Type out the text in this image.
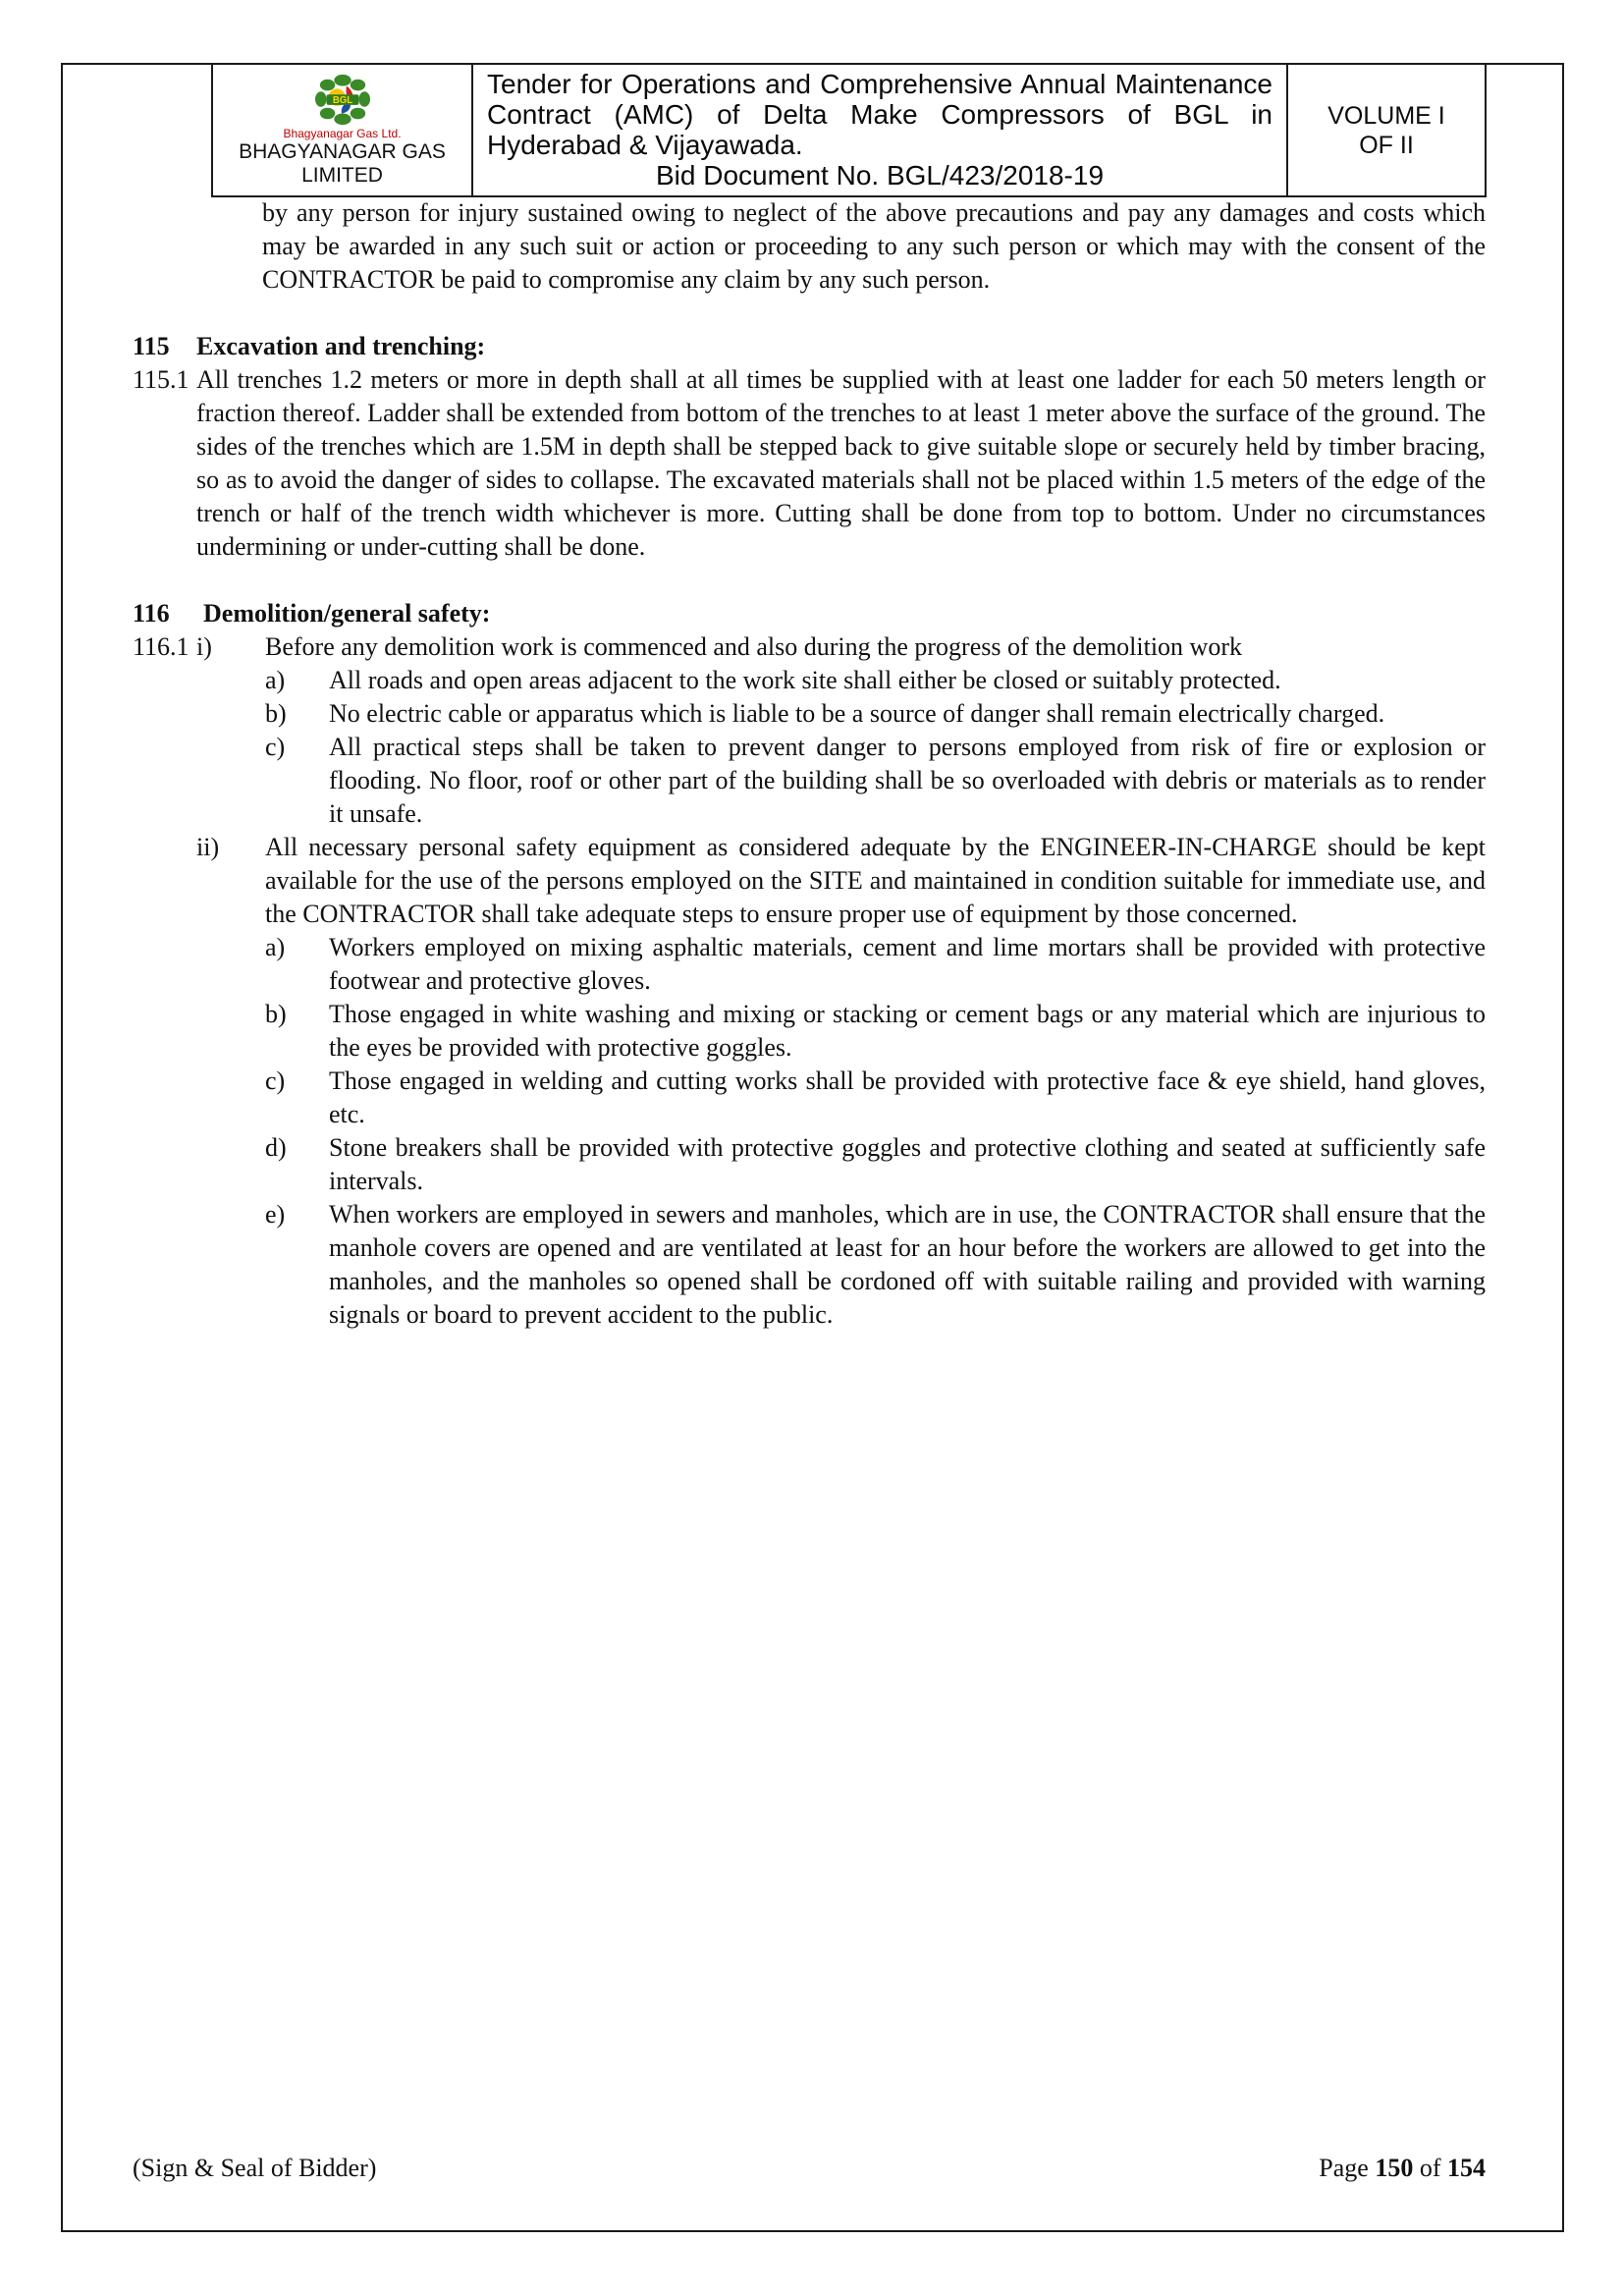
BGL
Bhagyanagar Gas Ltd.
BHAGYANAGAR GAS
LIMITED

Tender for Operations and Comprehensive Annual Maintenance Contract (AMC) of Delta Make Compressors of BGL in Hyderabad & Vijayawada.
Bid Document No. BGL/423/2018-19

VOLUME I
OF II

by any person for injury sustained owing to neglect of the above precautions and pay any damages and costs which may be awarded in any such suit or action or proceeding to any such person or which may with the consent of the CONTRACTOR be paid to compromise any claim by any such person.

115	Excavation and trenching:
115.1 All trenches 1.2 meters or more in depth shall at all times be supplied with at least one ladder for each 50 meters length or fraction thereof. Ladder shall be extended from bottom of the trenches to at least 1 meter above the surface of the ground. The sides of the trenches which are 1.5M in depth shall be stepped back to give suitable slope or securely held by timber bracing, so as to avoid the danger of sides to collapse. The excavated materials shall not be placed within 1.5 meters of the edge of the trench or half of the trench width whichever is more. Cutting shall be done from top to bottom. Under no circumstances undermining or under-cutting shall be done.

116	Demolition/general safety:
116.1 i)	Before any demolition work is commenced and also during the progress of the demolition work

a)	All roads and open areas adjacent to the work site shall either be closed or suitably protected.

b)	No electric cable or apparatus which is liable to be a source of danger shall remain electrically charged.

c)	All practical steps shall be taken to prevent danger to persons employed from risk of fire or explosion or flooding. No floor, roof or other part of the building shall be so overloaded with debris or materials as to render it unsafe.

ii)	All necessary personal safety equipment as considered adequate by the ENGINEER-IN-CHARGE should be kept available for the use of the persons employed on the SITE and maintained in condition suitable for immediate use, and the CONTRACTOR shall take adequate steps to ensure proper use of equipment by those concerned.

a)	Workers employed on mixing asphaltic materials, cement and lime mortars shall be provided with protective footwear and protective gloves.

b)	Those engaged in white washing and mixing or stacking or cement bags or any material which are injurious to the eyes be provided with protective goggles.

c)	Those engaged in welding and cutting works shall be provided with protective face & eye shield, hand gloves, etc.

d)	Stone breakers shall be provided with protective goggles and protective clothing and seated at sufficiently safe intervals.

e)	When workers are employed in sewers and manholes, which are in use, the CONTRACTOR shall ensure that the manhole covers are opened and are ventilated at least for an hour before the workers are allowed to get into the manholes, and the manholes so opened shall be cordoned off with suitable railing and provided with warning signals or board to prevent accident to the public.

(Sign & Seal of Bidder)	Page 150 of 154
